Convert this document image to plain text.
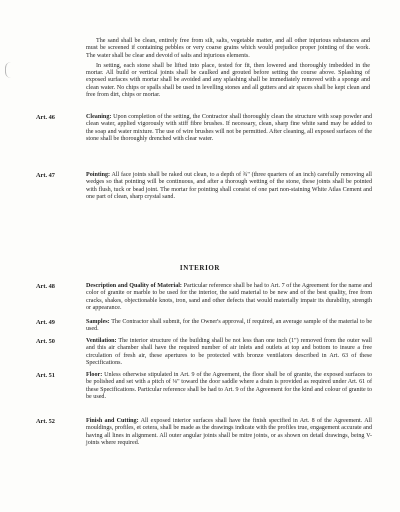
The sand shall be clean, entirely free from silt, salts, vegetable matter, and all other injurious substances and must be screened if containing pebbles or very coarse grains which would prejudice proper jointing of the work. The water shall be clear and devoid of salts and injurious elements.

In setting, each stone shall be lifted into place, tested for fit, then lowered and thoroughly imbedded in the mortar. All build or vertical joints shall be caulked and grouted before setting the course above. Splashing of exposed surfaces with mortar shall be avoided and any splashing shall be immediately removed with a sponge and clean water. No chips or spalls shall be used in levelling stones and all gutters and air spaces shall be kept clean and free from dirt, chips or mortar.

Art. 46	Cleaning: Upon completion of the setting, the Contractor shall thoroughly clean the structure with soap powder and clean water, applied vigorously with stiff fibre brushes. If necessary, clean, sharp fine white sand may be added to the soap and water mixture. The use of wire brushes will not be permitted. After cleaning, all exposed surfaces of the stone shall be thoroughly drenched with clear water.
Art. 47	Pointing: All face joints shall be raked out clean, to a depth of ¾" (three quarters of an inch) carefully removing all wedges so that pointing will be continuous, and after a thorough wetting of the stone, these joints shall be pointed with flush, tuck or bead joint. The mortar for pointing shall consist of one part non-staining White Atlas Cement and one part of clean, sharp crystal sand.
INTERIOR
Art. 48	Description and Quality of Material: Particular reference shall be had to Art. 7 of the Agreement for the name and color of granite or marble to be used for the interior, the said material to be new and of the best quality, free from cracks, shakes, objectionable knots, iron, sand and other defects that would materially impair its durability, strength or appearance.
Art. 49	Samples: The Contractor shall submit, for the Owner's approval, if required, an average sample of the material to be used.
Art. 50	Ventilation: The interior structure of the building shall be not less than one inch (1") removed from the outer wall and this air chamber shall have the required number of air inlets and outlets at top and bottom to insure a free circulation of fresh air, these apertures to be protected with bronze ventilators described in Art. 63 of these Specifications.
Art. 51	Floor: Unless otherwise stipulated in Art. 9 of the Agreement, the floor shall be of granite, the exposed surfaces to be polished and set with a pitch of ⅛" toward the door saddle where a drain is provided as required under Art. 61 of these Specifications. Particular reference shall be had to Art. 9 of the Agreement for the kind and colour of granite to be used.
Art. 52	Finish and Cutting: All exposed interior surfaces shall have the finish specified in Art. 8 of the Agreement. All mouldings, profiles, et cetera, shall be made as the drawings indicate with the profiles true, engagement accurate and having all lines in alignment. All outer angular joints shall be mitre joints, or as shown on detail drawings, being V-joints where required.
